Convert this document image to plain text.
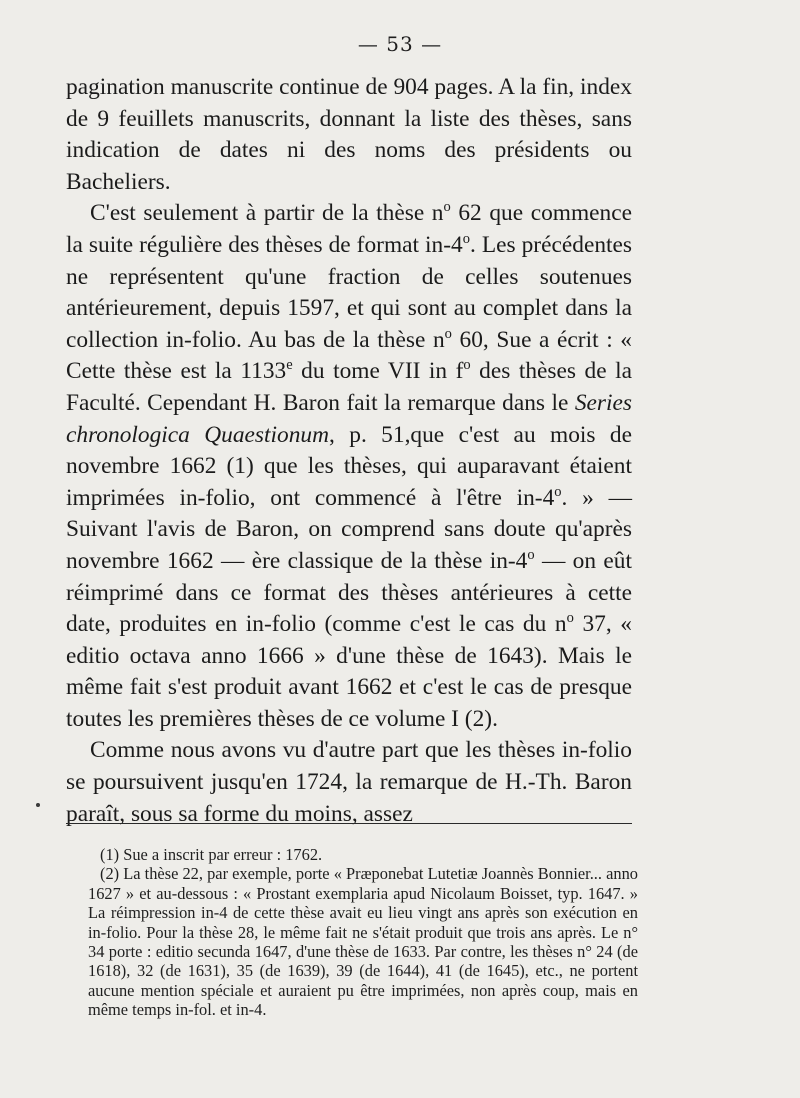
— 53 —

pagination manuscrite continue de 904 pages. A la fin, index de 9 feuillets manuscrits, donnant la liste des thèses, sans indication de dates ni des noms des présidents ou Bacheliers.

C'est seulement à partir de la thèse $n^o$ 62 que commence la suite régulière des thèses de format in-4$^o$. Les précédentes ne représentent qu'une fraction de celles soutenues antérieurement, depuis 1597, et qui sont au complet dans la collection in-folio. Au bas de la thèse $n^o$ 60, Sue a écrit : « Cette thèse est la 1133e du tome VII in $f^o$ des thèses de la Faculté. Cependant H. Baron fait la remarque dans le Series chronologica Quaestionum, p. 51,que c'est au mois de novembre 1662 (1) que les thèses, qui auparavant étaient imprimées in-folio, ont commencé à l'être in-4$^o$. » — Suivant l'avis de Baron, on comprend sans doute qu'après novembre 1662 — ère classique de la thèse in-4$^o$ — on eût réimprimé dans ce format des thèses antérieures à cette date, produites en in-folio (comme c'est le cas du $n^o$ 37, « editio octava anno 1666 » d'une thèse de 1643). Mais le même fait s'est produit avant 1662 et c'est le cas de presque toutes les premières thèses de ce volume I (2).

Comme nous avons vu d'autre part que les thèses in-folio se poursuivent jusqu'en 1724, la remarque de H.-Th. Baron paraît, sous sa forme du moins, assez

(1) Sue a inscrit par erreur : 1762.

(2) La thèse 22, par exemple, porte « Præponebat Lutetiæ Joannès Bonnier... anno 1627 » et au-dessous : « Prostant exemplaria apud Nicolaum Boisset, typ. 1647. » La réimpression in-4 de cette thèse avait eu lieu vingt ans après son exécution en in-folio. Pour la thèse 28, le même fait ne s'était produit que trois ans après. Le n° 34 porte : editio secunda 1647, d'une thèse de 1633. Par contre, les thèses n° 24 (de 1618), 32 (de 1631), 35 (de 1639), 39 (de 1644), 41 (de 1645), etc., ne portent aucune mention spéciale et auraient pu être imprimées, non après coup, mais en même temps in-fol. et in-4.
